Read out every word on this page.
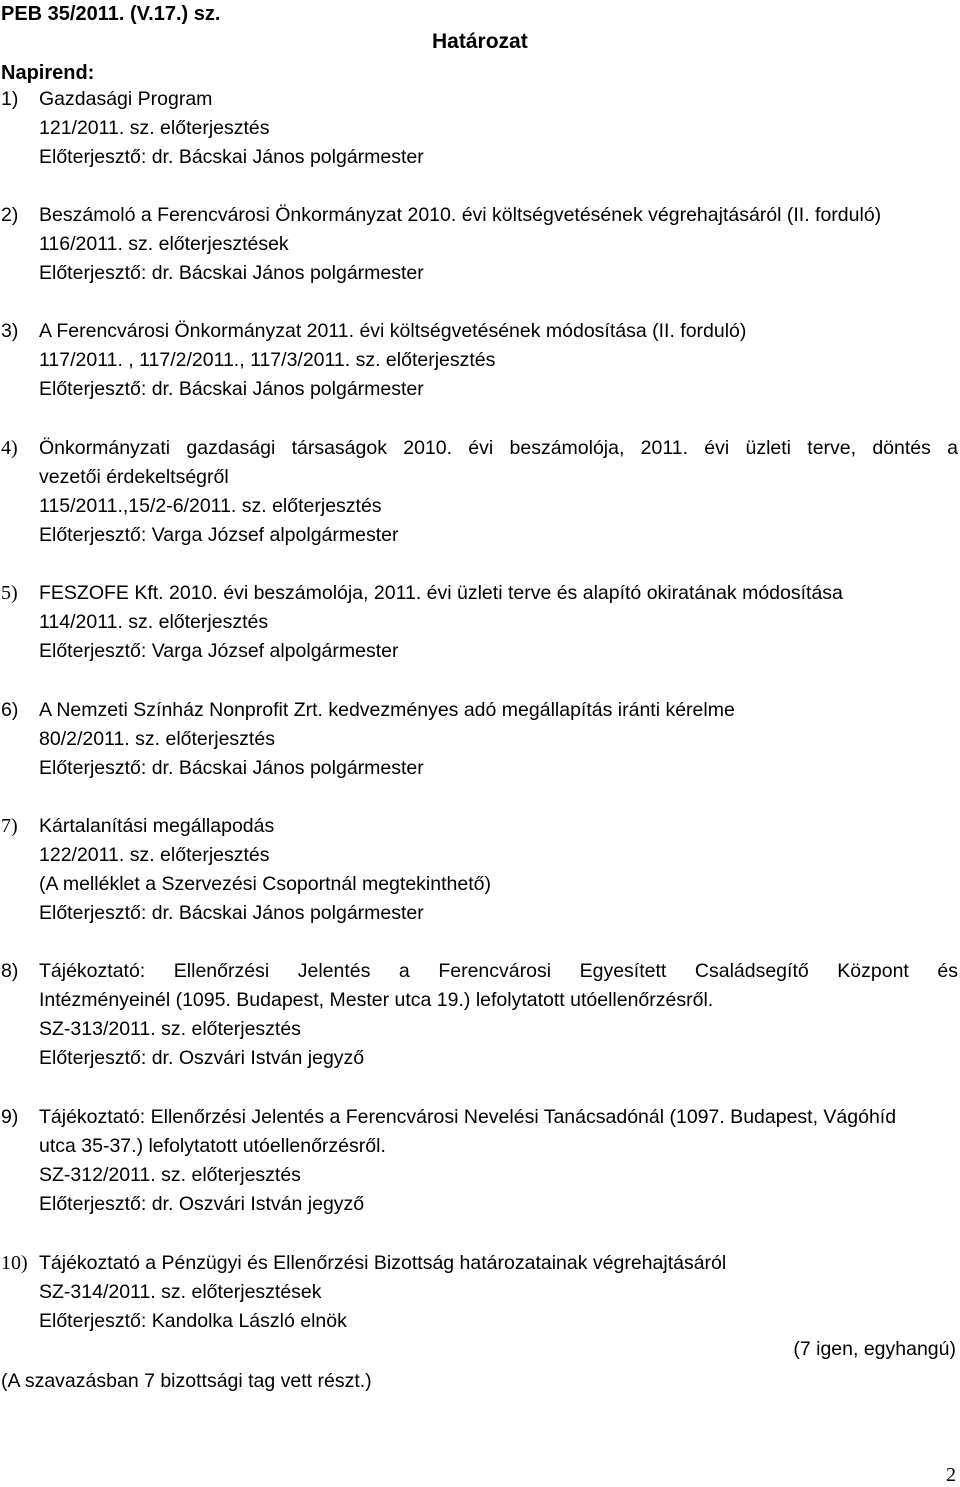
PEB 35/2011. (V.17.) sz.
Határozat
Napirend:
1) Gazdasági Program
121/2011. sz. előterjesztés
Előterjesztő: dr. Bácskai János polgármester
2) Beszámoló a Ferencvárosi Önkormányzat 2010. évi költségvetésének végrehajtásáról (II. forduló)
116/2011. sz. előterjesztések
Előterjesztő: dr. Bácskai János polgármester
3) A Ferencvárosi Önkormányzat 2011. évi költségvetésének módosítása (II. forduló)
117/2011. , 117/2/2011., 117/3/2011. sz. előterjesztés
Előterjesztő: dr. Bácskai János polgármester
4) Önkormányzati gazdasági társaságok 2010. évi beszámolója, 2011. évi üzleti terve, döntés a
vezetői érdekeltségről
115/2011.,15/2-6/2011. sz. előterjesztés
Előterjesztő: Varga József alpolgármester
5) FESZOFE Kft. 2010. évi beszámolója, 2011. évi üzleti terve és alapító okiratának módosítása
114/2011. sz. előterjesztés
Előterjesztő: Varga József alpolgármester
6) A Nemzeti Színház Nonprofit Zrt. kedvezményes adó megállapítás iránti kérelme
80/2/2011. sz. előterjesztés
Előterjesztő: dr. Bácskai János polgármester
7) Kártalanítási megállapodás
122/2011. sz. előterjesztés
(A melléklet a Szervezési Csoportnál megtekinthető)
Előterjesztő: dr. Bácskai János polgármester
8) Tájékoztató: Ellenőrzési Jelentés a Ferencvárosi Egyesített Családsegítő Központ és
Intézményeinél (1095. Budapest, Mester utca 19.) lefolytatott utóellenőrzésről.
SZ-313/2011. sz. előterjesztés
Előterjesztő: dr. Oszvári István jegyző
9) Tájékoztató: Ellenőrzési Jelentés a Ferencvárosi Nevelési Tanácsadónál (1097. Budapest, Vágóhíd
utca 35-37.) lefolytatott utóellenőrzésről.
SZ-312/2011. sz. előterjesztés
Előterjesztő: dr. Oszvári István jegyző
10) Tájékoztató a Pénzügyi és Ellenőrzési Bizottság határozatainak végrehajtásáról
SZ-314/2011. sz. előterjesztések
Előterjesztő: Kandolka László elnök
(7 igen, egyhangú)
(A szavazásban 7 bizottsági tag vett részt.)
2
